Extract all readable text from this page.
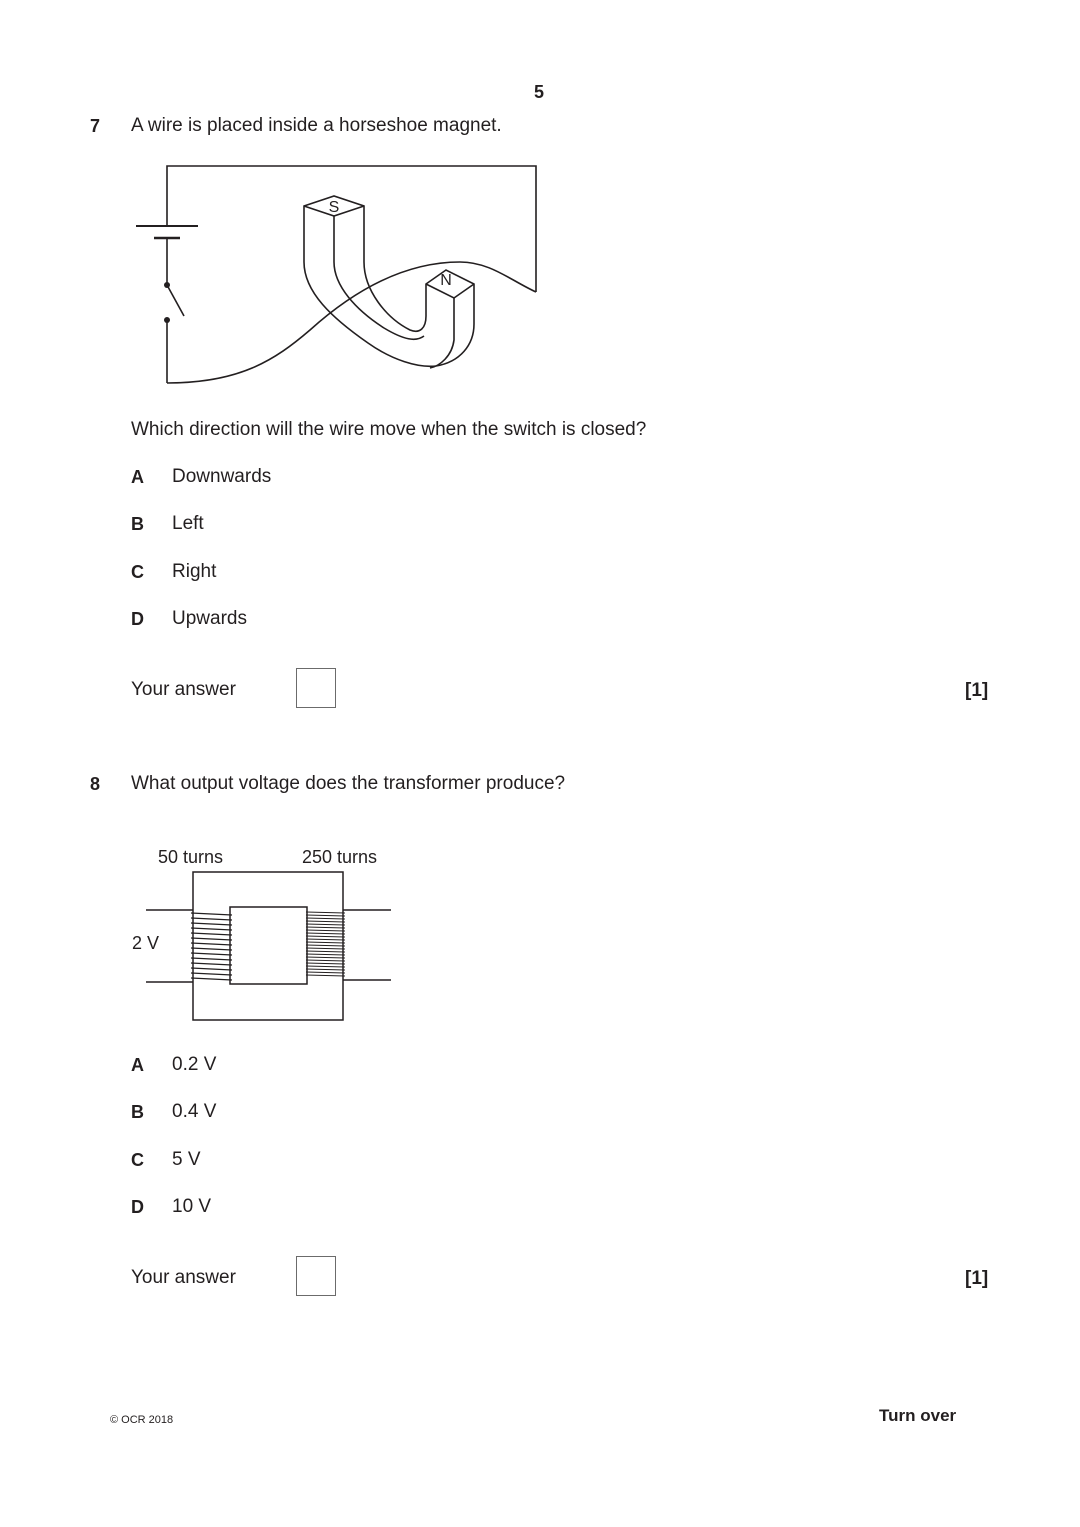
5
7 A wire is placed inside a horseshoe magnet.
S
N
Which direction will the wire move when the switch is closed?
A Downwards
B Left
C Right
D Upwards
Your answer	[1]
8 What output voltage does the transformer produce?
50 turns	250 turns
2 V
A 0.2 V
B 0.4 V
C 5 V
D 10 V
Your answer	[1]
© OCR 2018	Turn over
